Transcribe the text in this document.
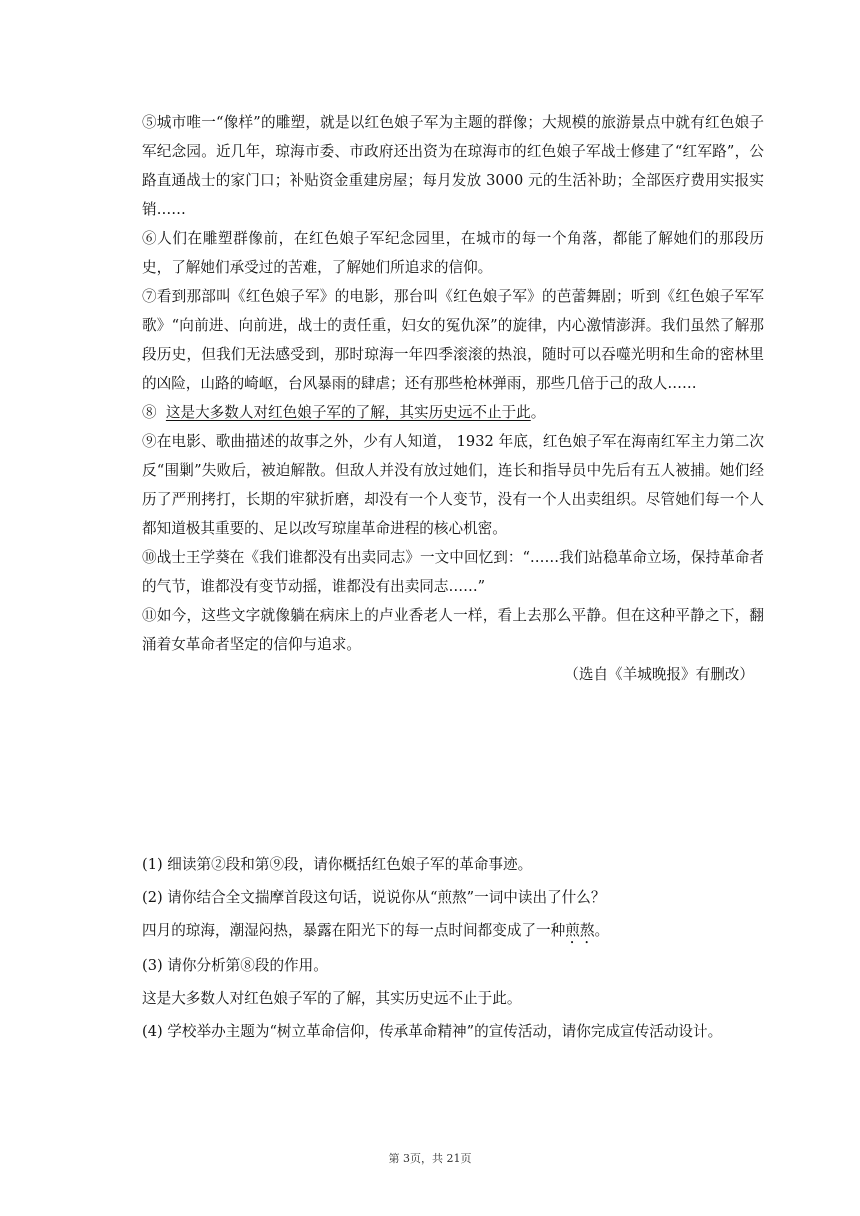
⑤城市唯一“像样”的雕塑，就是以红色娘子军为主题的群像；大规模的旅游景点中就有红色娘子军纪念园。近几年，琼海市委、市政府还出资为在琼海市的红色娘子军战士修建了“红军路”，公路直通战士的家门口；补贴资金重建房屋；每月发放 3000 元的生活补助；全部医疗费用实报实销……

⑥人们在雕塑群像前，在红色娘子军纪念园里，在城市的每一个角落，都能了解她们的那段历史，了解她们承受过的苦难，了解她们所追求的信仰。

⑦看到那部叫《红色娘子军》的电影，那台叫《红色娘子军》的芭蕾舞剧；听到《红色娘子军军歌》“向前进、向前进，战士的责任重，妇女的冤仇深”的旋律，内心激情澎湃。我们虽然了解那段历史，但我们无法感受到，那时琼海一年四季滚滚的热浪，随时可以吞噬光明和生命的密林里的凶险，山路的崎岖，台风暴雨的肆虐；还有那些枪林弹雨，那些几倍于己的敌人……

⑧ 这是大多数人对红色娘子军的了解，其实历史远不止于此。

⑨在电影、歌曲描述的故事之外，少有人知道， 1932 年底，红色娘子军在海南红军主力第二次反“围剿”失败后，被迫解散。但敌人并没有放过她们，连长和指导员中先后有五人被捕。她们经历了严刑拷打，长期的牢狱折磨，却没有一个人变节，没有一个人出卖组织。尽管她们每一个人都知道极其重要的、足以改写琼崖革命进程的核心机密。

⑩战士王学葵在《我们谁都没有出卖同志》一文中回忆到：“……我们站稳革命立场，保持革命者的气节，谁都没有变节动摇，谁都没有出卖同志……”

⑪如今，这些文字就像躺在病床上的卢业香老人一样，看上去那么平静。但在这种平静之下，翻涌着女革命者坚定的信仰与追求。

（选自《羊城晚报》有删改）

(1) 细读第②段和第⑨段，请你概括红色娘子军的革命事迹。

(2) 请你结合全文揣摩首段这句话，说说你从“煎熬”一词中读出了什么？

四月的琼海，潮湿闷热，暴露在阳光下的每一点时间都变成了一种煎熬。

(3) 请你分析第⑧段的作用。

这是大多数人对红色娘子军的了解，其实历史远不止于此。

(4) 学校举办主题为“树立革命信仰，传承革命精神”的宣传活动，请你完成宣传活动设计。

第 3页，共 21页
